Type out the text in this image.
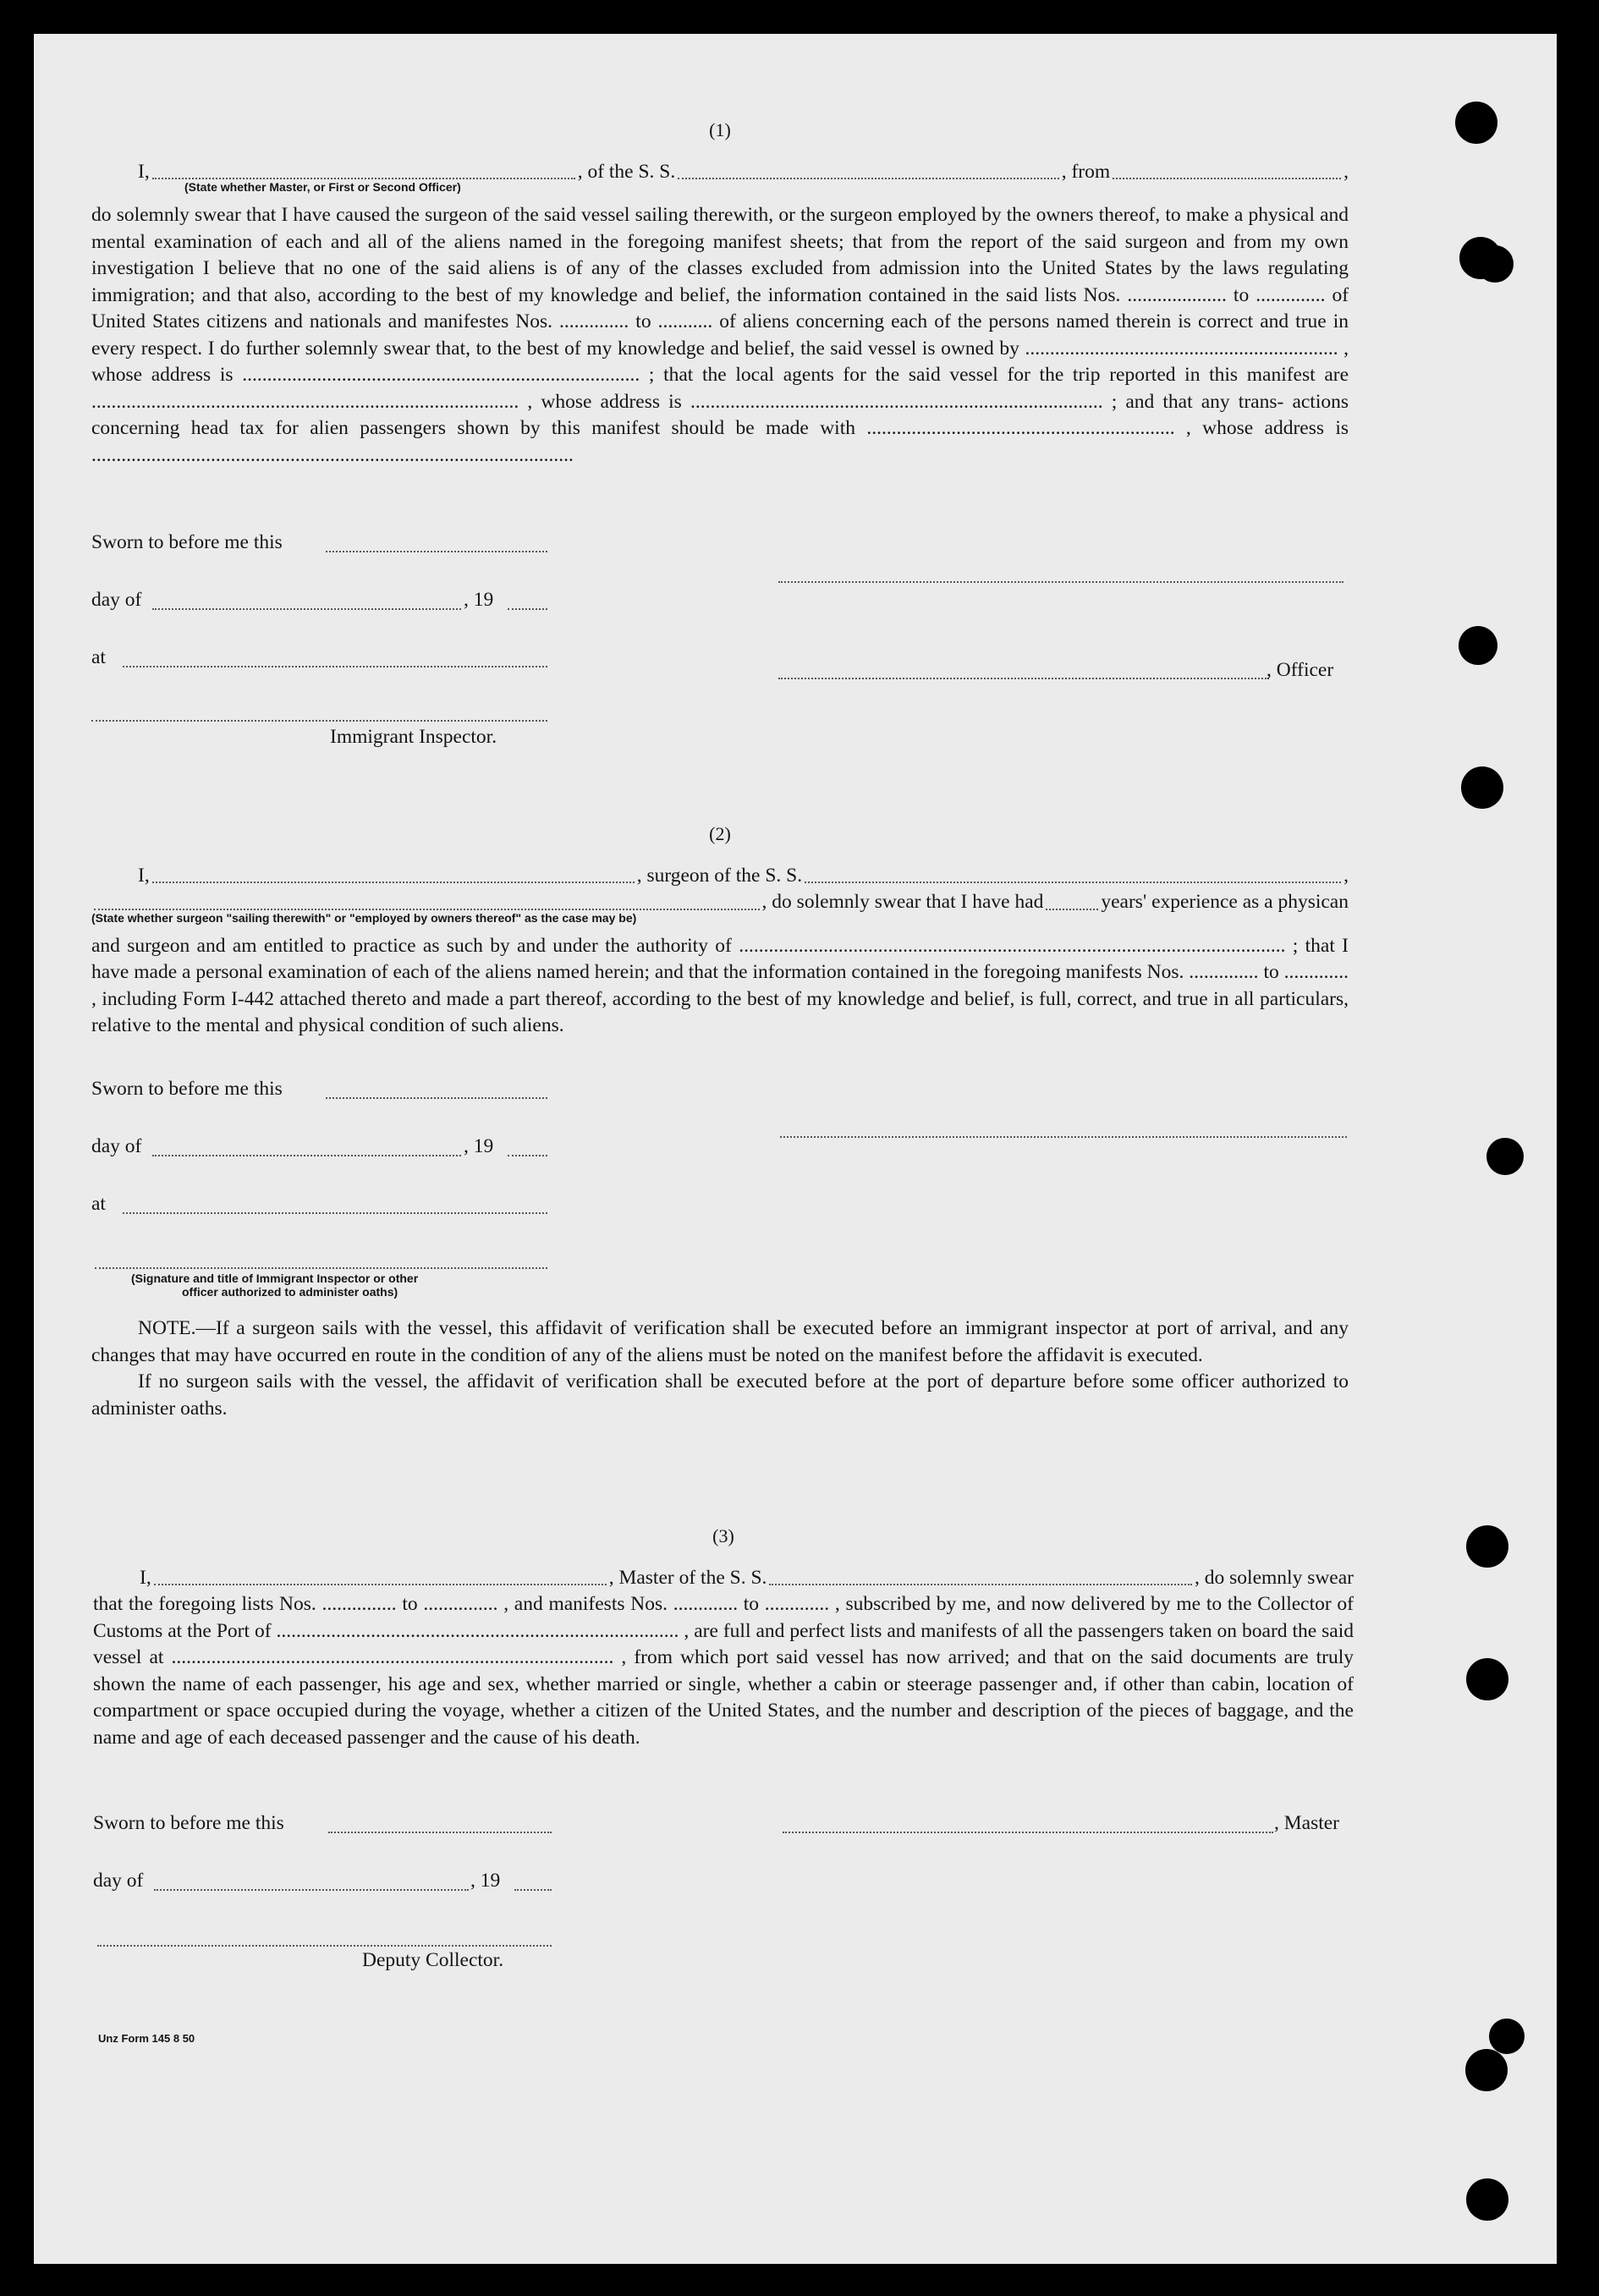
(1)

I,	, of the S. S.	, from	,
(State whether Master, or First or Second Officer)

do solemnly swear that I have caused the surgeon of the said vessel sailing therewith, or the surgeon employed by the owners thereof, to make a physical and mental examination of each and all of the aliens named in the foregoing manifest sheets; that from the report of the said surgeon and from my own investigation I believe that no one of the said aliens is of any of the classes excluded from admission into the United States by the laws regulating immigration; and that also, according to the best of my knowledge and belief, the information contained in the said lists Nos. .................... to .............. of United States citizens and nationals and manifestes Nos. .............. to ........... of aliens concerning each of the persons named therein is correct and true in every respect. I do further solemnly swear that, to the best of my knowledge and belief, the said vessel is owned by ............................................................... , whose address is ................................................................................ ; that the local agents for the said vessel for the trip reported in this manifest are ...................................................................................... , whose address is ................................................................................... ; and that any trans- actions concerning head tax for alien passengers shown by this manifest should be made with .............................................................. , whose address is .................................................................................................

Sworn to before me this
day of	, 19
at
, Officer
Immigrant Inspector.

(2)

I,	, surgeon of the S. S.	,
, do solemnly swear that I have had	years' experience as a physican
(State whether surgeon "sailing therewith" or "employed by owners thereof" as the case may be)

and surgeon and am entitled to practice as such by and under the authority of .............................................................................................................. ; that I have made a personal examination of each of the aliens named herein; and that the information contained in the foregoing manifests Nos. .............. to ............. , including Form I-442 attached thereto and made a part thereof, according to the best of my knowledge and belief, is full, correct, and true in all particulars, relative to the mental and physical condition of such aliens.

Sworn to before me this
day of	, 19
at
(Signature and title of Immigrant Inspector or other
officer authorized to administer oaths)

NOTE.—If a surgeon sails with the vessel, this affidavit of verification shall be executed before an immigrant inspector at port of arrival, and any changes that may have occurred en route in the condition of any of the aliens must be noted on the manifest before the affidavit is executed.

If no surgeon sails with the vessel, the affidavit of verification shall be executed before at the port of departure before some officer authorized to administer oaths.

(3)

I,	, Master of the S. S.	, do solemnly swear

that the foregoing lists Nos. ............... to ............... , and manifests Nos. ............. to ............. , subscribed by me, and now delivered by me to the Collector of Customs at the Port of ................................................................................. , are full and perfect lists and manifests of all the passengers taken on board the said vessel at ......................................................................................... , from which port said vessel has now arrived; and that on the said documents are truly shown the name of each passenger, his age and sex, whether married or single, whether a cabin or steerage passenger and, if other than cabin, location of compartment or space occupied during the voyage, whether a citizen of the United States, and the number and description of the pieces of baggage, and the name and age of each deceased passenger and the cause of his death.

Sworn to before me this	, Master
day of	, 19
Deputy Collector.
Unz Form 145 8 50
